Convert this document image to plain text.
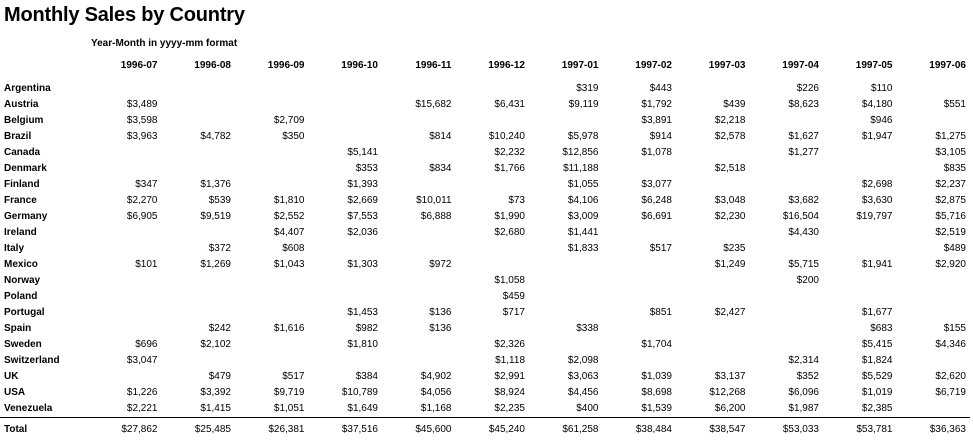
Monthly Sales by Country
Year-Month in yyyy-mm format
	1996-07	1996-08	1996-09	1996-10	1996-11	1996-12	1997-01	1997-02	1997-03	1997-04	1997-05	1997-06

Argentina							$319	$443		$226	$110	
Austria	$3,489				$15,682	$6,431	$9,119	$1,792	$439	$8,623	$4,180	$551
Belgium	$3,598		$2,709					$3,891	$2,218		$946	
Brazil	$3,963	$4,782	$350		$814	$10,240	$5,978	$914	$2,578	$1,627	$1,947	$1,275
Canada				$5,141		$2,232	$12,856	$1,078		$1,277		$3,105
Denmark				$353	$834	$1,766	$11,188		$2,518			$835
Finland	$347	$1,376		$1,393			$1,055	$3,077			$2,698	$2,237
France	$2,270	$539	$1,810	$2,669	$10,011	$73	$4,106	$6,248	$3,048	$3,682	$3,630	$2,875
Germany	$6,905	$9,519	$2,552	$7,553	$6,888	$1,990	$3,009	$6,691	$2,230	$16,504	$19,797	$5,716
Ireland			$4,407	$2,036		$2,680	$1,441			$4,430		$2,519
Italy		$372	$608				$1,833	$517	$235			$489
Mexico	$101	$1,269	$1,043	$1,303	$972				$1,249	$5,715	$1,941	$2,920
Norway						$1,058				$200		
Poland						$459						
Portugal				$1,453	$136	$717		$851	$2,427		$1,677	
Spain		$242	$1,616	$982	$136		$338				$683	$155
Sweden	$696	$2,102		$1,810		$2,326		$1,704			$5,415	$4,346
Switzerland	$3,047					$1,118	$2,098			$2,314	$1,824	
UK		$479	$517	$384	$4,902	$2,991	$3,063	$1,039	$3,137	$352	$5,529	$2,620
USA	$1,226	$3,392	$9,719	$10,789	$4,056	$8,924	$4,456	$8,698	$12,268	$6,096	$1,019	$6,719
Venezuela	$2,221	$1,415	$1,051	$1,649	$1,168	$2,235	$400	$1,539	$6,200	$1,987	$2,385	
Total	$27,862	$25,485	$26,381	$37,516	$45,600	$45,240	$61,258	$38,484	$38,547	$53,033	$53,781	$36,363
